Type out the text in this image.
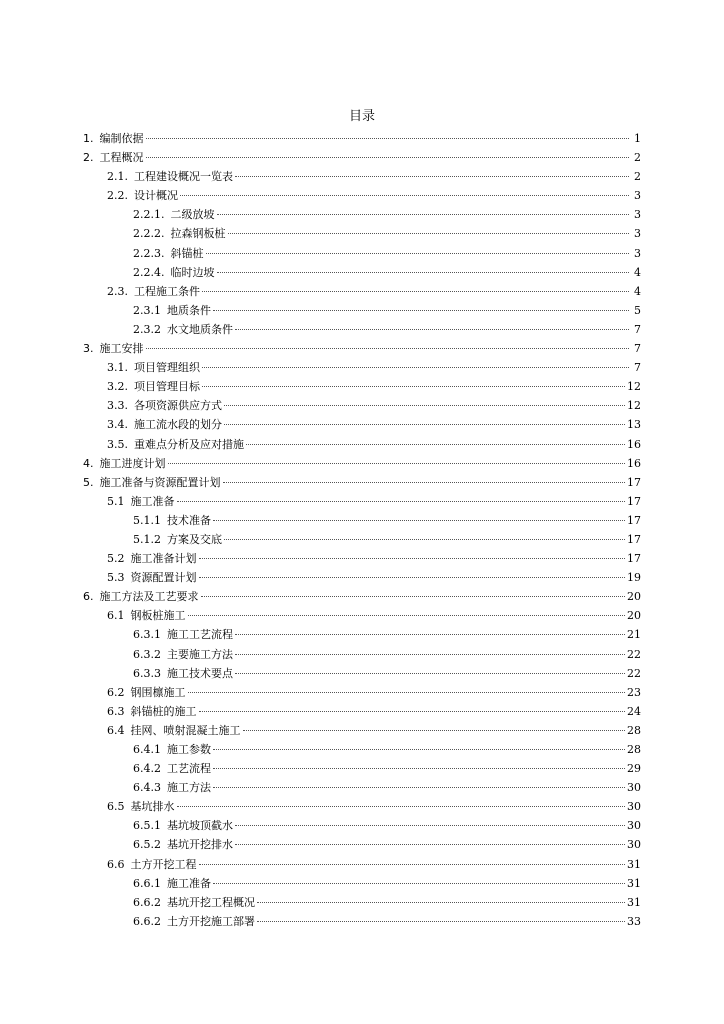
目录
1. 编制依据	1
2. 工程概况	2
2.1. 工程建设概况一览表	2
2.2. 设计概况	3
2.2.1. 二级放坡	3
2.2.2. 拉森钢板桩	3
2.2.3. 斜锚桩	3
2.2.4. 临时边坡	4
2.3. 工程施工条件	4
2.3.1 地质条件	5
2.3.2 水文地质条件	7
3. 施工安排	7
3.1. 项目管理组织	7
3.2. 项目管理目标	12
3.3. 各项资源供应方式	12
3.4. 施工流水段的划分	13
3.5. 重难点分析及应对措施	16
4. 施工进度计划	16
5. 施工准备与资源配置计划	17
5.1 施工准备	17
5.1.1 技术准备	17
5.1.2 方案及交底	17
5.2 施工准备计划	17
5.3 资源配置计划	19
6. 施工方法及工艺要求	20
6.1 钢板桩施工	20
6.3.1 施工工艺流程	21
6.3.2 主要施工方法	22
6.3.3 施工技术要点	22
6.2 钢围檩施工	23
6.3 斜锚桩的施工	24
6.4 挂网、喷射混凝土施工	28
6.4.1 施工参数	28
6.4.2 工艺流程	29
6.4.3 施工方法	30
6.5 基坑排水	30
6.5.1 基坑坡顶截水	30
6.5.2 基坑开挖排水	30
6.6 土方开挖工程	31
6.6.1 施工准备	31
6.6.2 基坑开挖工程概况	31
6.6.2 土方开挖施工部署	33
